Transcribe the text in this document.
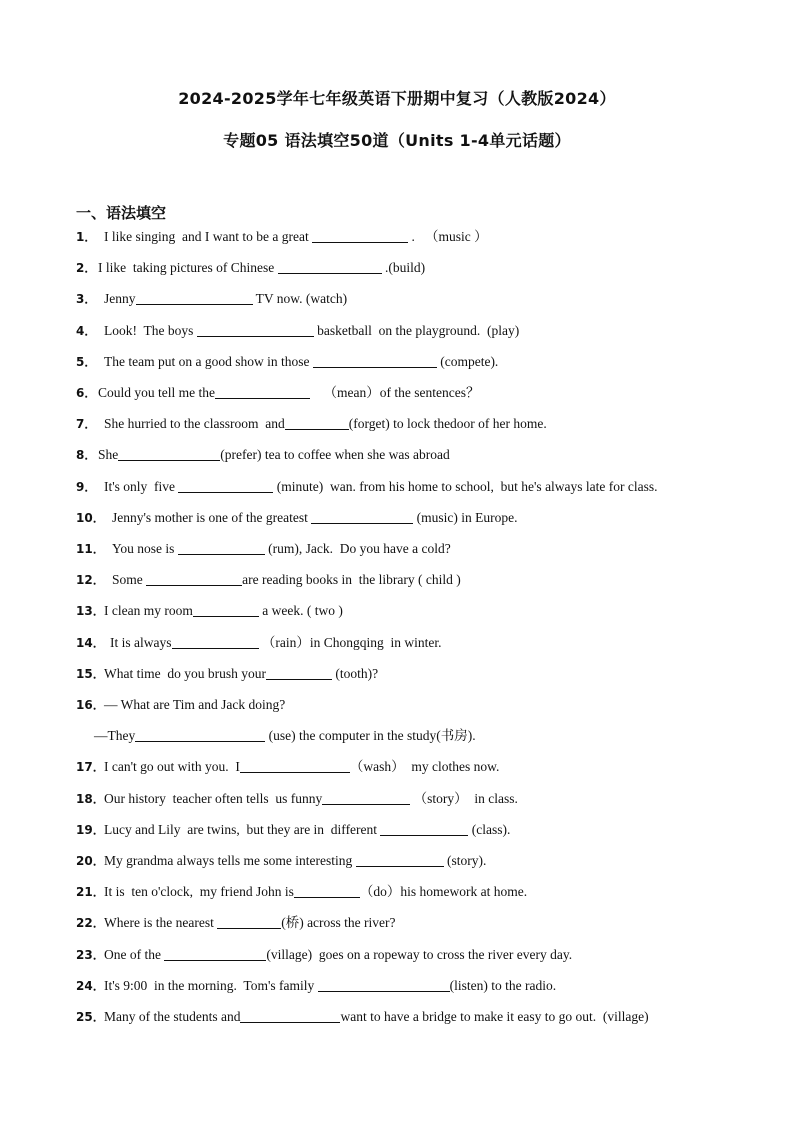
2024-2025学年七年级英语下册期中复习（人教版2024）
专题05 语法填空50道（Units 1-4单元话题）
一、语法填空
1． I like singing  and I want to be a great	.   （music ）
2． I like  taking pictures of Chinese	.(build)
3． Jenny	TV now. (watch)
4． Look!  The boys	basketball  on the playground.  (play)
5． The team put on a good show in those	(compete).
6． Could you tell me the	（mean）of the sentences？
7． She hurried to the classroom  and	(forget) to lock thedoor of her home.
8． She	(prefer) tea to coffee when she was abroad
9． It's only  five	(minute)  wan. from his home to school,  but he's always late for class.
10． Jenny's mother is one of the greatest	(music) in Europe.
11． You nose is	(rum), Jack.  Do you have a cold?
12． Some	are reading books in  the library ( child )
13．I clean my room	a week. ( two )
14． It is always	（rain）in Chongqing  in winter.
15．What time  do you brush your	(tooth)?
16．— What are Tim and Jack doing?
—They	(use) the computer in the study(书房).
17．I can't go out with you.  I	（wash）  my clothes now.
18．Our history  teacher often tells  us funny	（story）  in class.
19．Lucy and Lily  are twins,  but they are in  different	(class).
20．My grandma always tells me some interesting	(story).
21．It is  ten o'clock,  my friend John is	（do）his homework at home.
22．Where is the nearest	(桥) across the river?
23．One of the	(village)  goes on a ropeway to cross the river every day.
24．It's 9:00  in the morning.  Tom's family	(listen) to the radio.
25．Many of the students and	want to have a bridge to make it easy to go out.  (village)
